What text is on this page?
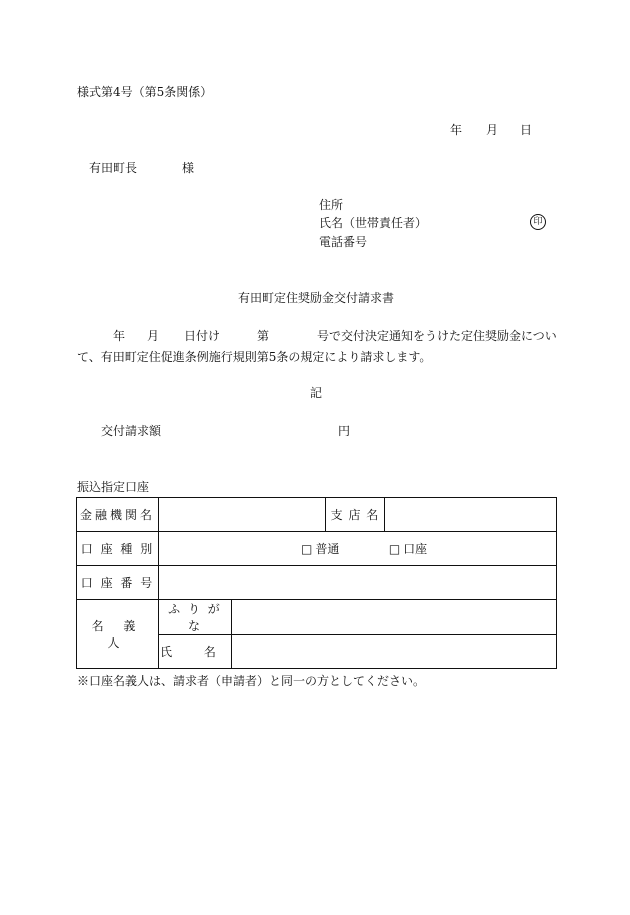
様式第4号（第5条関係）
年 月 日
有田町長	様
住所
氏名（世帯責任者）	印
電話番号
有田町定住奨励金交付請求書
年 月 日付け	第	号で交付決定通知をうけた定住奨励金につい
て、有田町定住促進条例施行規則第5条の規定により請求します。
記
交付請求額	円
振込指定口座
金融機関名			支 店 名	
口 座 種 別	□ 普通 □ 口座			
口 座 番 号				
名 義 人	ふ り が な			
	氏 名			
※口座名義人は、請求者（申請者）と同一の方としてください。
